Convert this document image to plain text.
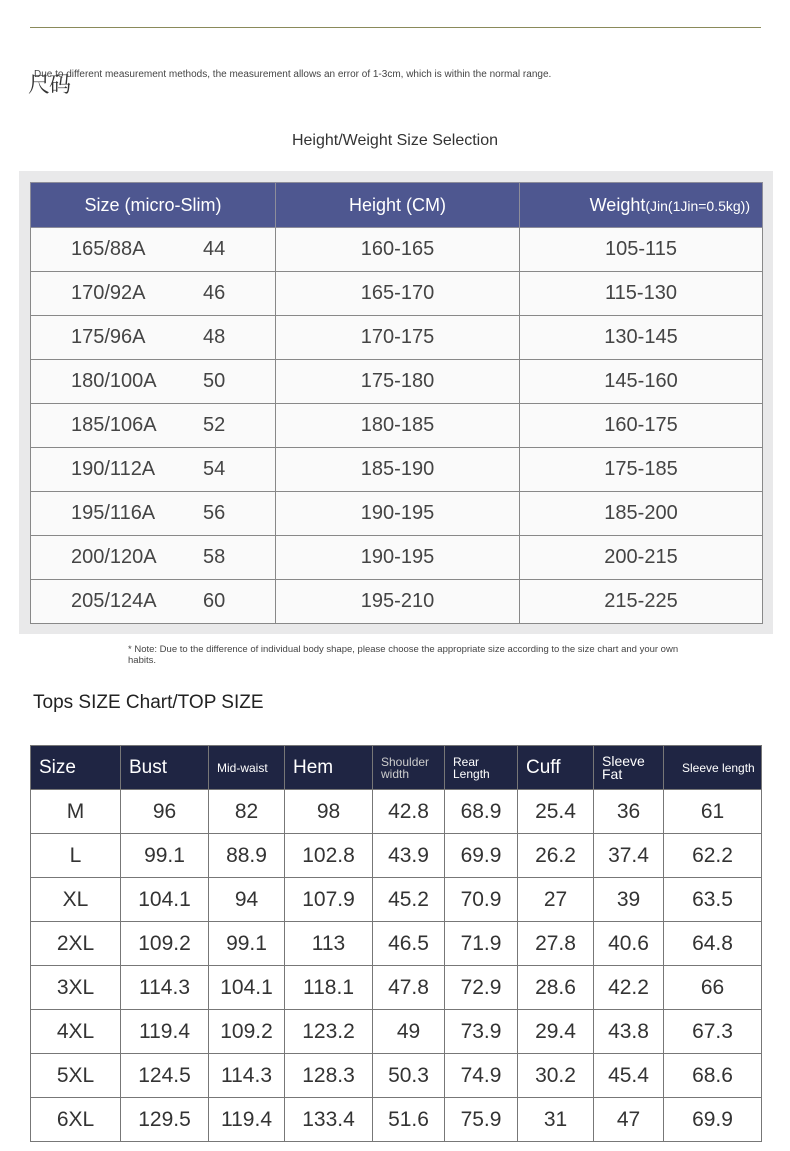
尺码
Due to different measurement methods, the measurement allows an error of 1-3cm, which is within the normal range.
Height/Weight Size Selection
Size (micro-Slim)	Height (CM)	Weight(Jin(1Jin=0.5kg))
165/88A 44	160-165	105-115
170/92A 46	165-170	115-130
175/96A 48	170-175	130-145
180/100A 50	175-180	145-160
185/106A 52	180-185	160-175
190/112A 54	185-190	175-185
195/116A 56	190-195	185-200
200/120A 58	190-195	200-215
205/124A 60	195-210	215-225
* Note: Due to the difference of individual body shape, please choose the appropriate size according to the size chart and your own habits.
Tops SIZE Chart/TOP SIZE
Size	Bust	Mid-waist	Hem	Shoulder width	Rear Length	Cuff	Sleeve Fat	Sleeve length
M	96	82	98	42.8	68.9	25.4	36	61
L	99.1	88.9	102.8	43.9	69.9	26.2	37.4	62.2
XL	104.1	94	107.9	45.2	70.9	27	39	63.5
2XL	109.2	99.1	113	46.5	71.9	27.8	40.6	64.8
3XL	114.3	104.1	118.1	47.8	72.9	28.6	42.2	66
4XL	119.4	109.2	123.2	49	73.9	29.4	43.8	67.3
5XL	124.5	114.3	128.3	50.3	74.9	30.2	45.4	68.6
6XL	129.5	119.4	133.4	51.6	75.9	31	47	69.9
